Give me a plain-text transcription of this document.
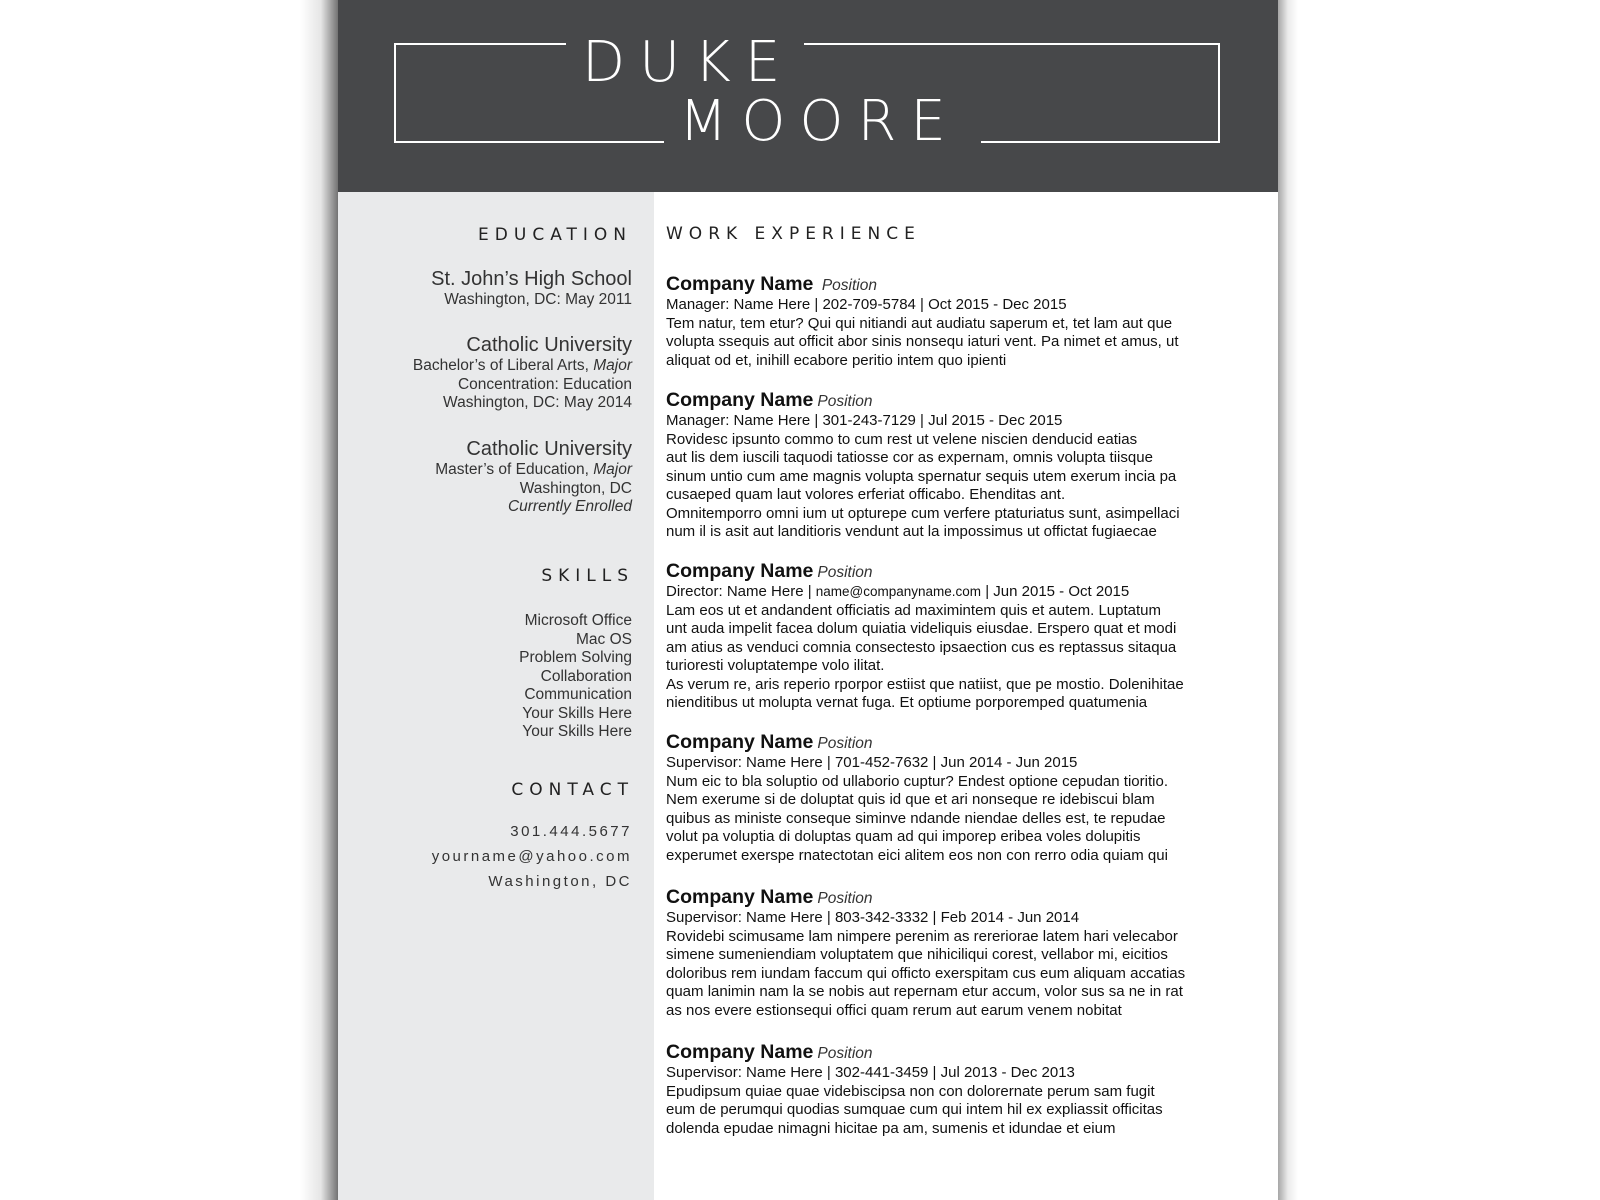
DUKE
MOORE
EDUCATION
St. John’s High School
Washington, DC: May 2011
Catholic University
Bachelor’s of Liberal Arts, Major
Concentration: Education
Washington, DC: May 2014
Catholic University
Master’s of Education, Major
Washington, DC
Currently Enrolled
SKILLS
Microsoft Office
Mac OS
Problem Solving
Collaboration
Communication
Your Skills Here
Your Skills Here
CONTACT
301.444.5677
yourname@yahoo.com
Washington, DC
WORK EXPERIENCE
Company Name Position
Manager: Name Here | 202-709-5784 | Oct 2015 - Dec 2015
Tem natur, tem etur? Qui qui nitiandi aut audiatu saperum et, tet lam aut que
volupta ssequis aut officit abor sinis nonsequ iaturi vent. Pa nimet et amus, ut
aliquat od et, inihill ecabore peritio intem quo ipienti
Company Name Position
Manager: Name Here | 301-243-7129 | Jul 2015 - Dec 2015
Rovidesc ipsunto commo to cum rest ut velene niscien denducid eatias
aut lis dem iuscili taquodi tatiosse cor as expernam, omnis volupta tiisque
sinum untio cum ame magnis volupta spernatur sequis utem exerum incia pa
cusaeped quam laut volores erferiat officabo. Ehenditas ant.
Omnitemporro omni ium ut opturepe cum verfere ptaturiatus sunt, asimpellaci
num il is asit aut landitioris vendunt aut la impossimus ut offictat fugiaecae
Company Name Position
Director: Name Here | name@companyname.com | Jun 2015 - Oct 2015
Lam eos ut et andandent officiatis ad maximintem quis et autem. Luptatum
unt auda impelit facea dolum quiatia videliquis eiusdae. Erspero quat et modi
am atius as venduci comnia consectesto ipsaection cus es reptassus sitaqua
turioresti voluptatempe volo ilitat.
As verum re, aris reperio rporpor estiist que natiist, que pe mostio. Dolenihitae
nienditibus ut molupta vernat fuga. Et optiume porporemped quatumenia
Company Name Position
Supervisor: Name Here | 701-452-7632 | Jun 2014 - Jun 2015
Num eic to bla soluptio od ullaborio cuptur? Endest optione cepudan tioritio.
Nem exerume si de doluptat quis id que et ari nonseque re idebiscui blam
quibus as ministe conseque siminve ndande niendae delles est, te repudae
volut pa voluptia di doluptas quam ad qui imporep eribea voles dolupitis
experumet exerspe rnatectotan eici alitem eos non con rerro odia quiam qui
Company Name Position
Supervisor: Name Here | 803-342-3332 | Feb 2014 - Jun 2014
Rovidebi scimusame lam nimpere perenim as rereriorae latem hari velecabor
simene sumeniendiam voluptatem que nihiciliqui corest, vellabor mi, eicitios
doloribus rem iundam faccum qui officto exerspitam cus eum aliquam accatias
quam lanimin nam la se nobis aut repernam etur accum, volor sus sa ne in rat
as nos evere estionsequi offici quam rerum aut earum venem nobitat
Company Name Position
Supervisor: Name Here | 302-441-3459 | Jul 2013 - Dec 2013
Epudipsum quiae quae videbiscipsa non con dolorernate perum sam fugit
eum de perumqui quodias sumquae cum qui intem hil ex expliassit officitas
dolenda epudae nimagni hicitae pa am, sumenis et idundae et eium
